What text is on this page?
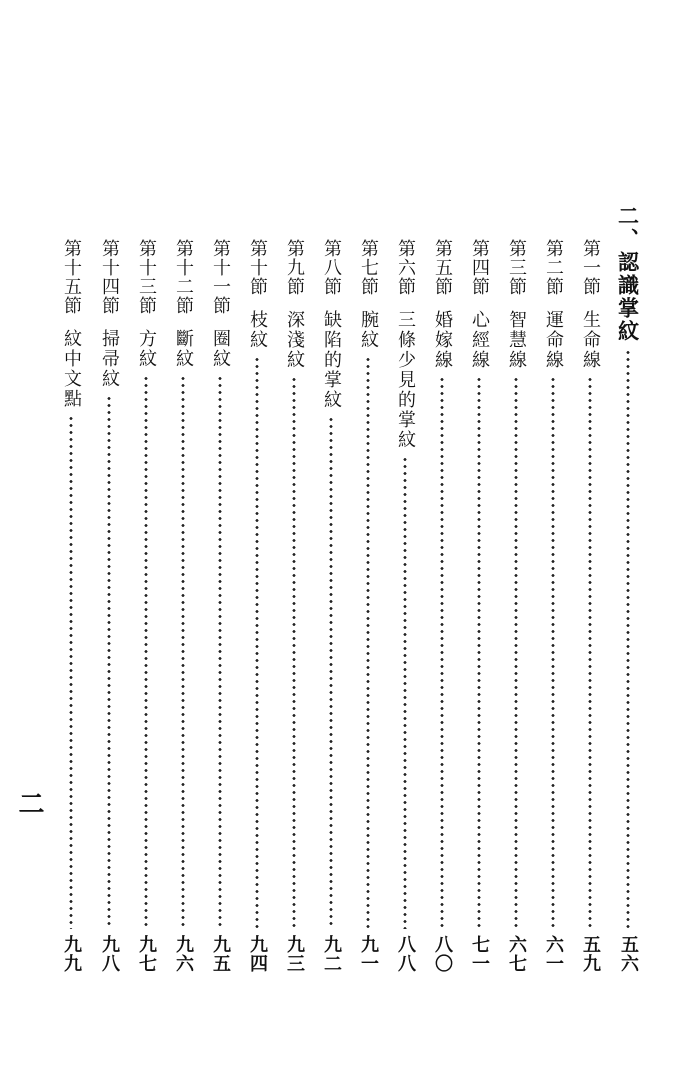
二、認識掌紋
五六
第一節
生命線
五九
第二節
運命線
六一
第三節
智慧線
六七
第四節
心經線
七一
第五節
婚嫁線
八〇
第六節
三條少見的掌紋
八八
第七節
腕紋
九一
第八節
缺陷的掌紋
九二
第九節
深淺紋
九三
第十節
枝紋
九四
第十一節
圈紋
九五
第十二節
斷紋
九六
第十三節
方紋
九七
第十四節
掃帚紋
九八
第十五節
紋中文點
九九
二
